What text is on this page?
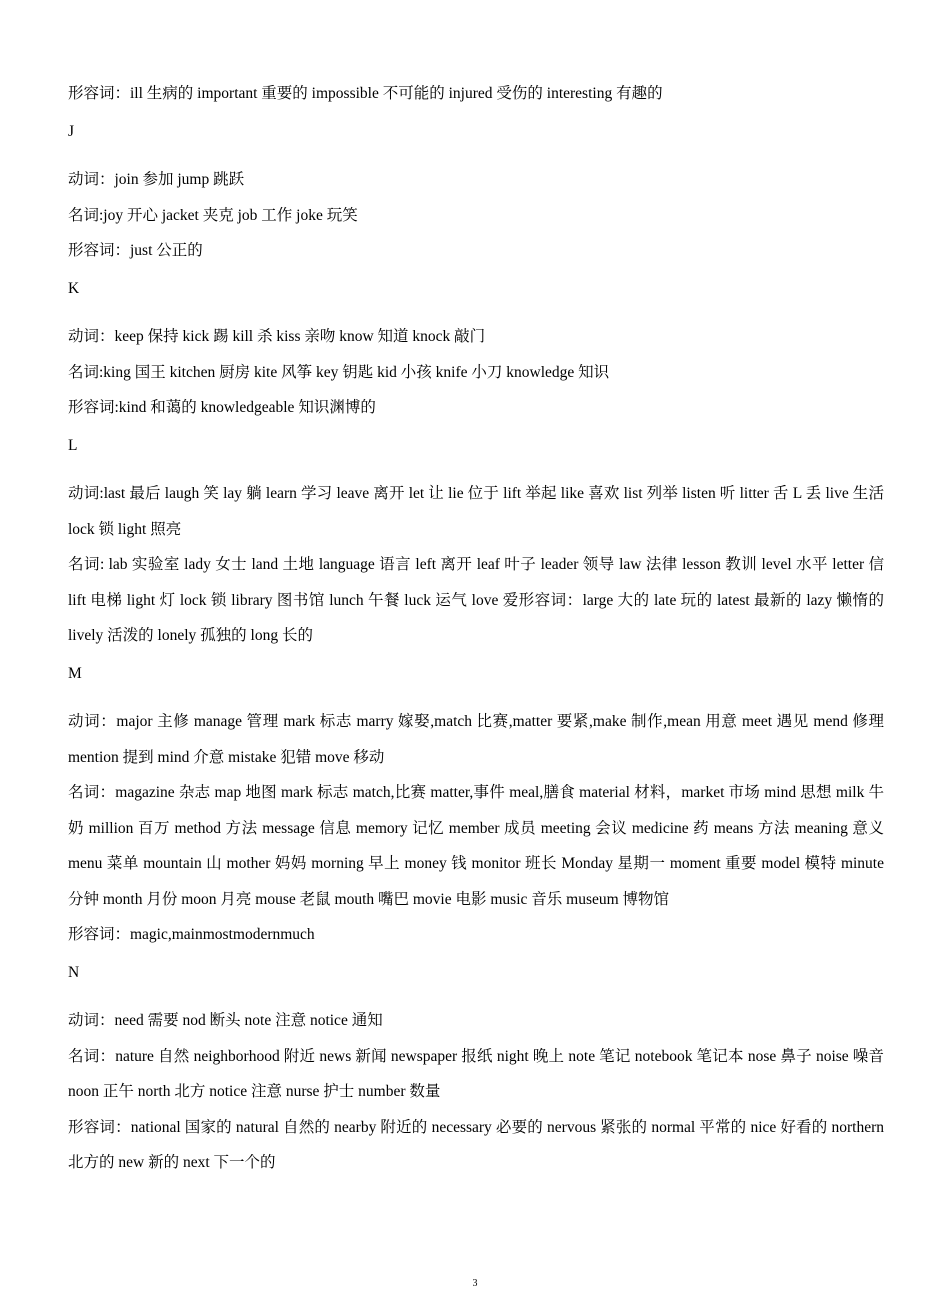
形容词：ill 生病的 important 重要的 impossible 不可能的 injured 受伤的 interesting 有趣的

J

动词：join 参加 jump 跳跃

名词:joy 开心 jacket 夹克 job 工作 joke 玩笑

形容词：just 公正的

K

动词：keep 保持 kick 踢 kill 杀 kiss 亲吻 know 知道 knock 敲门

名词:king 国王 kitchen 厨房 kite 风筝 key 钥匙 kid 小孩 knife 小刀 knowledge 知识

形容词:kind 和蔼的 knowledgeable 知识渊博的

L

动词:last 最后 laugh 笑 lay 躺 learn 学习 leave 离开 let 让 lie 位于 lift 举起 like 喜欢 list 列举 listen 听 litter 舌 L 丢 live 生活 lock 锁 light 照亮

名词: lab 实验室 lady 女士 land 土地 language 语言 left 离开 leaf 叶子 leader 领导 law 法律 lesson 教训 level 水平 letter 信 lift 电梯 light 灯 lock 锁 library 图书馆 lunch 午餐 luck 运气 love 爱形容词：large 大的 late 玩的 latest 最新的 lazy 懒惰的 lively 活泼的 lonely 孤独的 long 长的

M

动词：major 主修 manage 管理 mark 标志 marry 嫁娶,match 比赛,matter 要紧,make 制作,mean 用意 meet 遇见 mend 修理 mention 提到 mind 介意 mistake 犯错 move 移动

名词：magazine 杂志 map 地图 mark 标志 match,比赛 matter,事件 meal,膳食 material 材料，market 市场 mind 思想 milk 牛奶 million 百万 method 方法 message 信息 memory 记忆 member 成员 meeting 会议 medicine 药 means 方法 meaning 意义 menu 菜单 mountain 山 mother 妈妈 morning 早上 money 钱 monitor 班长 Monday 星期一 moment 重要 model 模特 minute 分钟 month 月份 moon 月亮 mouse 老鼠 mouth 嘴巴 movie 电影 music 音乐 museum 博物馆

形容词：magic,mainmostmodernmuch

N

动词：need 需要 nod 断头 note 注意 notice 通知

名词：nature 自然 neighborhood 附近 news 新闻 newspaper 报纸 night 晚上 note 笔记 notebook 笔记本 nose 鼻子 noise 噪音 noon 正午 north 北方 notice 注意 nurse 护士 number 数量

形容词：national 国家的 natural 自然的 nearby 附近的 necessary 必要的 nervous 紧张的 normal 平常的 nice 好看的 northern 北方的 new 新的 next 下一个的

3
